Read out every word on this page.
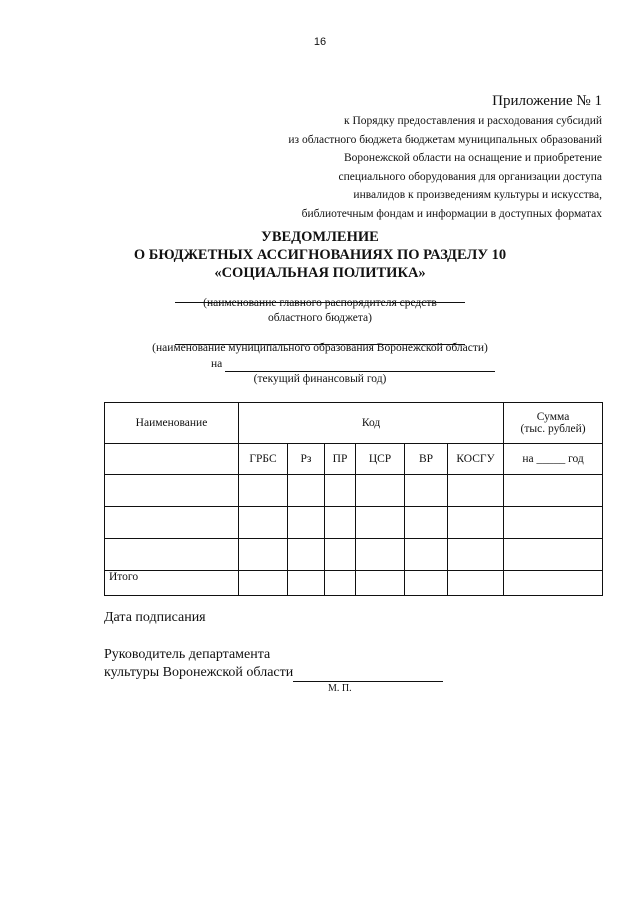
16
Приложение № 1
к Порядку предоставления и расходования субсидий
из областного бюджета бюджетам муниципальных образований
Воронежской области на оснащение и приобретение
специального оборудования для организации доступа
инвалидов к произведениям культуры и искусства,
библиотечным фондам и информации в доступных форматах
УВЕДОМЛЕНИЕ
О БЮДЖЕТНЫХ АССИГНОВАНИЯХ ПО РАЗДЕЛУ 10
«СОЦИАЛЬНАЯ ПОЛИТИКА»
(наименование главного распорядителя средств
областного бюджета)
(наименование муниципального образования Воронежской области)
на
(текущий финансовый год)
Наименование	Код						Сумма
(тыс. рублей)

	ГРБС	Рз	ПР	ЦСР	ВР	КОСГУ	на _____ год

Итого							
Дата подписания
Руководитель департамента
культуры Воронежской области
М. П.
